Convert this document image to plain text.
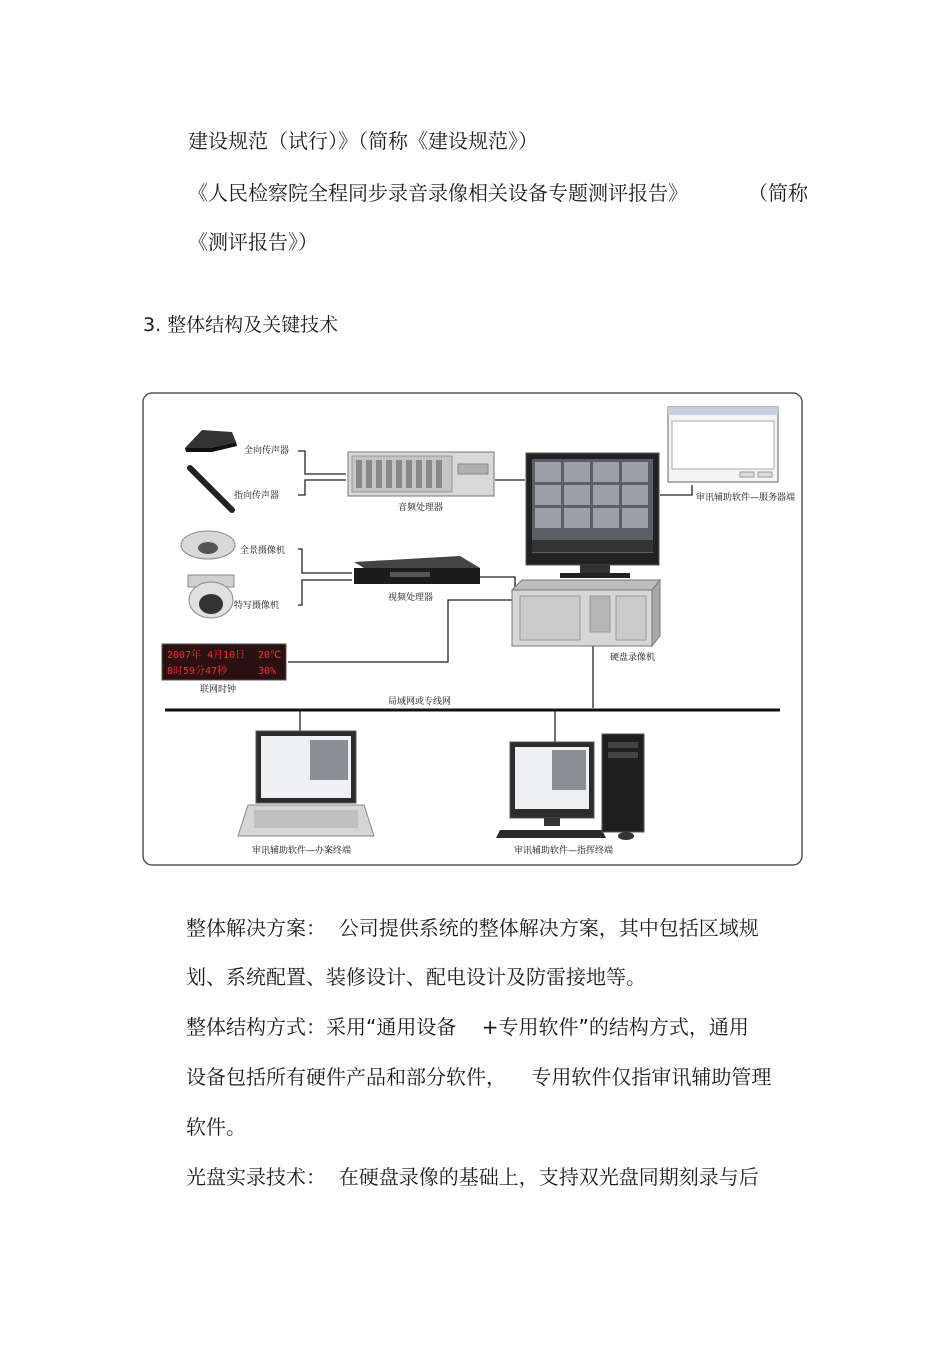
建设规范（试行）》（简称《建设规范》）
《人民检察院全程同步录音录像相关设备专题测评报告》	（简称
《测评报告》）
3. 整体结构及关键技术
全向传声器
指向传声器
音频处理器
审讯辅助软件—服务器端
全景摄像机
特写摄像机
视频处理器
硬盘录像机
2007年 4月10日 20℃
8时59分47秒	30%
联网时钟
局域网或专线网
审讯辅助软件—办案终端	审讯辅助软件—指挥终端
整体解决方案：  公司提供系统的整体解决方案，其中包括区域规
划、系统配置、装修设计、配电设计及防雷接地等。
整体结构方式：采用“通用设备    +专用软件”的结构方式，通用
设备包括所有硬件产品和部分软件，    专用软件仅指审讯辅助管理
软件。
光盘实录技术：  在硬盘录像的基础上，支持双光盘同期刻录与后
